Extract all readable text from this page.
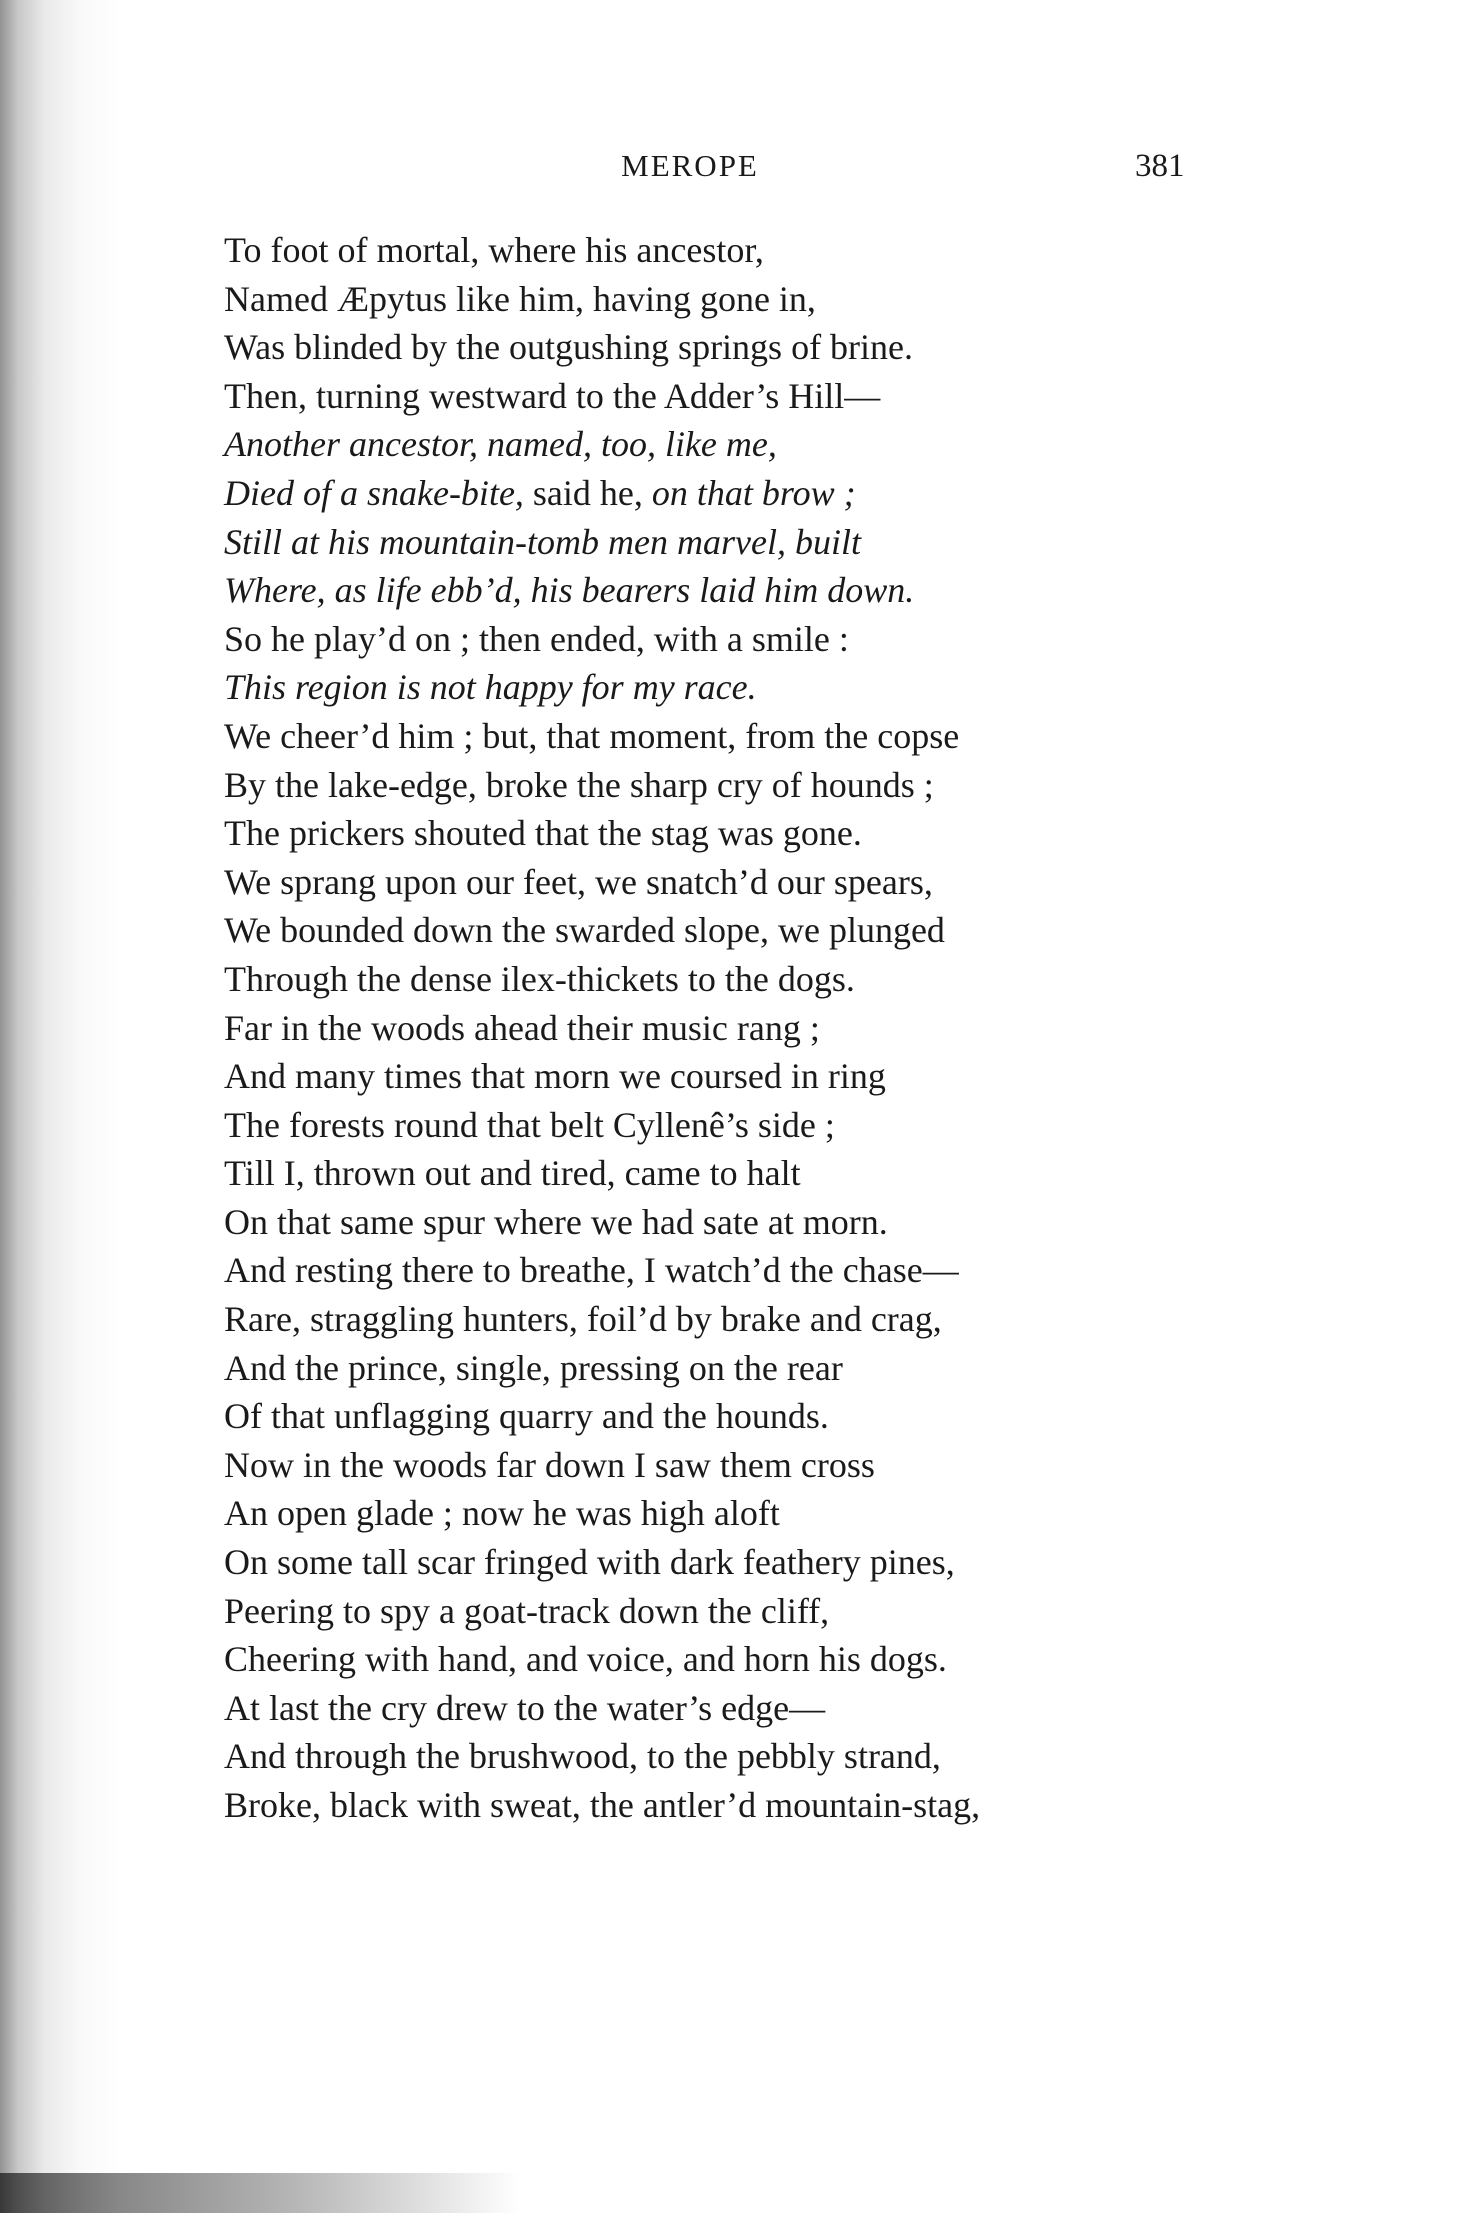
MEROPE	381
To foot of mortal, where his ancestor,
Named Æpytus like him, having gone in,
Was blinded by the outgushing springs of brine.
Then, turning westward to the Adder’s Hill—
Another ancestor, named, too, like me,
Died of a snake-bite, said he, on that brow ;
Still at his mountain-tomb men marvel, built
Where, as life ebb’d, his bearers laid him down.
So he play’d on ; then ended, with a smile :
This region is not happy for my race.
We cheer’d him ; but, that moment, from the copse
By the lake-edge, broke the sharp cry of hounds ;
The prickers shouted that the stag was gone.
We sprang upon our feet, we snatch’d our spears,
We bounded down the swarded slope, we plunged
Through the dense ilex-thickets to the dogs.
Far in the woods ahead their music rang ;
And many times that morn we coursed in ring
The forests round that belt Cyllenê’s side ;
Till I, thrown out and tired, came to halt
On that same spur where we had sate at morn.
And resting there to breathe, I watch’d the chase—
Rare, straggling hunters, foil’d by brake and crag,
And the prince, single, pressing on the rear
Of that unflagging quarry and the hounds.
Now in the woods far down I saw them cross
An open glade ; now he was high aloft
On some tall scar fringed with dark feathery pines,
Peering to spy a goat-track down the cliff,
Cheering with hand, and voice, and horn his dogs.
At last the cry drew to the water’s edge—
And through the brushwood, to the pebbly strand,
Broke, black with sweat, the antler’d mountain-stag,
